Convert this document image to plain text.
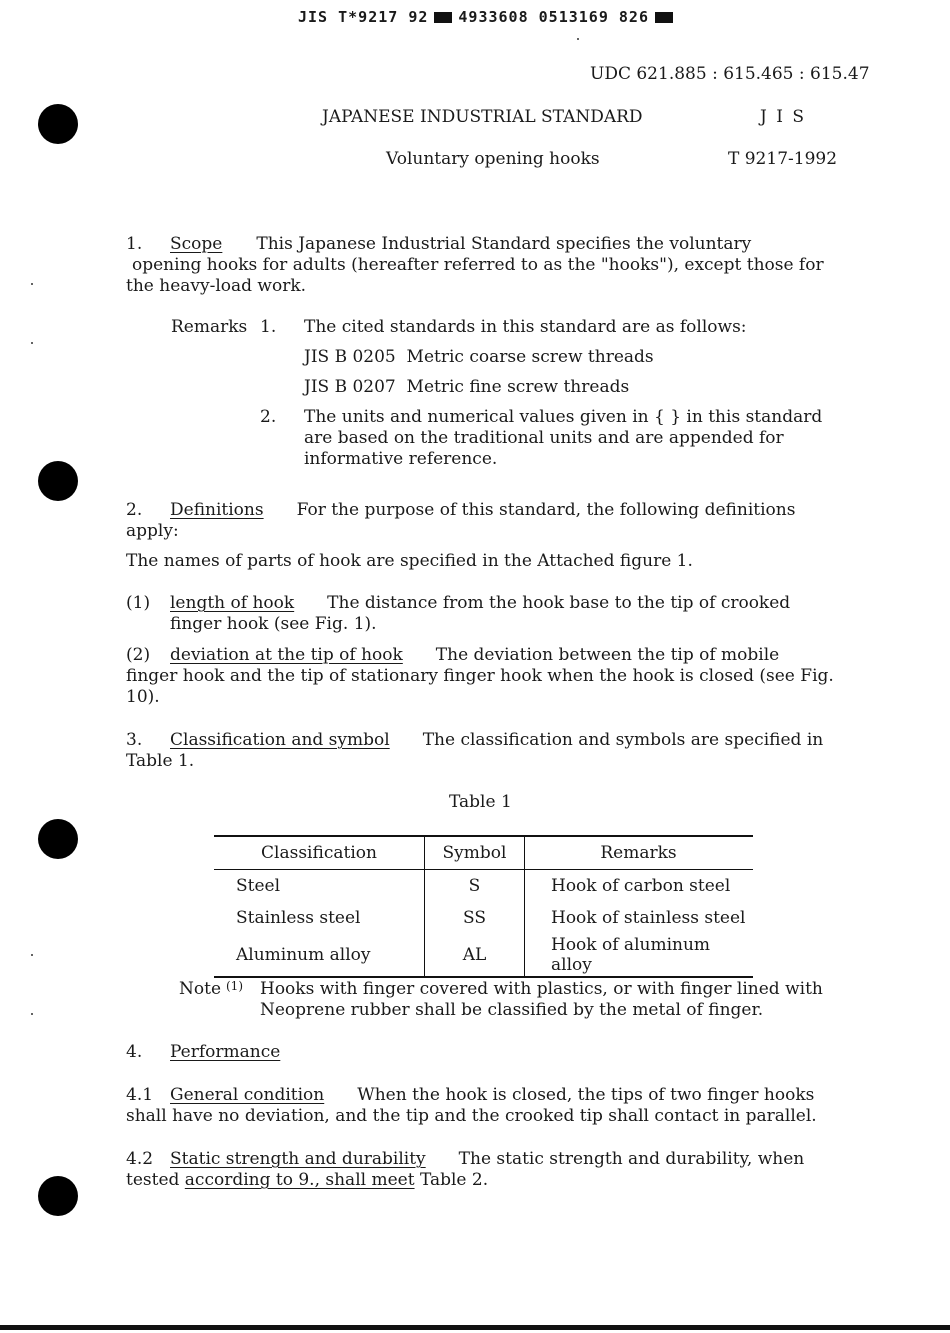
JIS T*9217 92 4933608 0513169 826
UDC 621.885 : 615.465 : 615.47
JAPANESE INDUSTRIAL STANDARD	J I S
Voluntary opening hooks	T 9217-1992
1. Scope This Japanese Industrial Standard specifies the voluntary
opening hooks for adults (hereafter referred to as the "hooks"), except those for
the heavy-load work.
Remarks 1. The cited standards in this standard are as follows:
JIS B 0205  Metric coarse screw threads
JIS B 0207  Metric fine screw threads
2. The units and numerical values given in { } in this standard
are based on the traditional units and are appended for
informative reference.
2. Definitions For the purpose of this standard, the following definitions
apply:
The names of parts of hook are specified in the Attached figure 1.
(1) length of hook The distance from the hook base to the tip of crooked
finger hook (see Fig. 1).
(2) deviation at the tip of hook The deviation between the tip of mobile
finger hook and the tip of stationary finger hook when the hook is closed (see Fig.
10).
3. Classification and symbol The classification and symbols are specified in
Table 1.
Table 1
Classification	Symbol	Remarks
Steel	S	Hook of carbon steel
Stainless steel	SS	Hook of stainless steel
Aluminum alloy	AL	Hook of aluminum alloy
Note (1) Hooks with finger covered with plastics, or with finger lined with
Neoprene rubber shall be classified by the metal of finger.
4. Performance
4.1 General condition When the hook is closed, the tips of two finger hooks
shall have no deviation, and the tip and the crooked tip shall contact in parallel.
4.2 Static strength and durability The static strength and durability, when
tested according to 9., shall meet Table 2.
